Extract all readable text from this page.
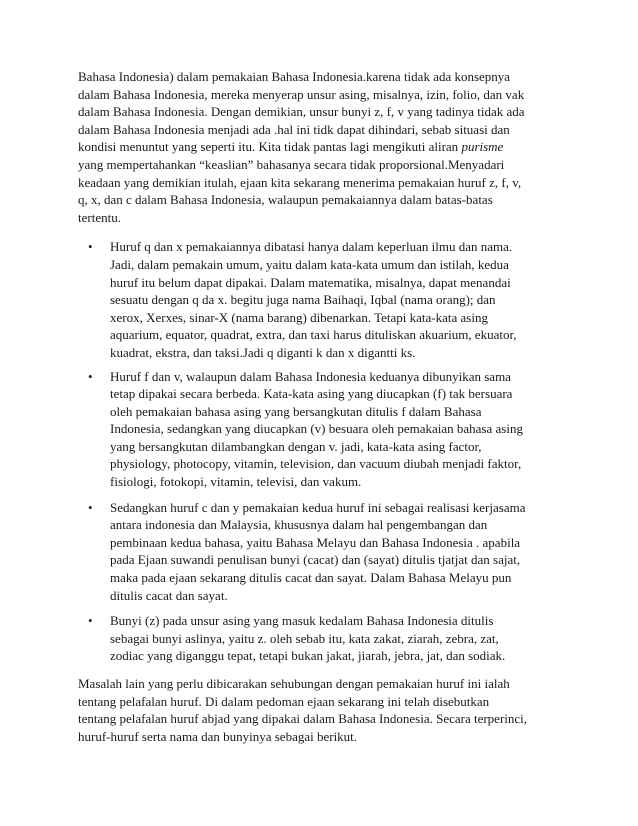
Bahasa Indonesia) dalam pemakaian Bahasa Indonesia.karena tidak ada konsepnya
dalam Bahasa Indonesia, mereka menyerap unsur asing, misalnya, izin, folio, dan vak
dalam Bahasa Indonesia. Dengan demikian, unsur bunyi z, f, v yang tadinya tidak ada
dalam Bahasa Indonesia menjadi ada .hal ini tidk dapat dihindari, sebab situasi dan
kondisi menuntut yang seperti itu. Kita tidak pantas lagi mengikuti aliran purisme
yang mempertahankan “keaslian” bahasanya secara tidak proporsional.Menyadari
keadaan yang demikian itulah, ejaan kita sekarang menerima pemakaian huruf z, f, v,
q, x, dan c dalam Bahasa Indonesia, walaupun pemakaiannya dalam batas-batas
tertentu.

• Huruf q dan x pemakaiannya dibatasi hanya dalam keperluan ilmu dan nama.
Jadi, dalam pemakain umum, yaitu dalam kata-kata umum dan istilah, kedua
huruf itu belum dapat dipakai. Dalam matematika, misalnya, dapat menandai
sesuatu dengan q da x. begitu juga nama Baihaqi, Iqbal (nama orang); dan
xerox, Xerxes, sinar-X (nama barang) dibenarkan. Tetapi kata-kata asing
aquarium, equator, quadrat, extra, dan taxi harus dituliskan akuarium, ekuator,
kuadrat, ekstra, dan taksi.Jadi q diganti k dan x digantti ks.
• Huruf f dan v, walaupun dalam Bahasa Indonesia keduanya dibunyikan sama
tetap dipakai secara berbeda. Kata-kata asing yang diucapkan (f) tak bersuara
oleh pemakaian bahasa asing yang bersangkutan ditulis f dalam Bahasa
Indonesia, sedangkan yang diucapkan (v) besuara oleh pemakaian bahasa asing
yang bersangkutan dilambangkan dengan v. jadi, kata-kata asing factor,
physiology, photocopy, vitamin, television, dan vacuum diubah menjadi faktor,
fisiologi, fotokopi, vitamin, televisi, dan vakum.
• Sedangkan huruf c dan y pemakaian kedua huruf ini sebagai realisasi kerjasama
antara indonesia dan Malaysia, khususnya dalam hal pengembangan dan
pembinaan kedua bahasa, yaitu Bahasa Melayu dan Bahasa Indonesia . apabila
pada Ejaan suwandi penulisan bunyi (cacat) dan (sayat) ditulis tjatjat dan sajat,
maka pada ejaan sekarang ditulis cacat dan sayat. Dalam Bahasa Melayu pun
ditulis cacat dan sayat.
• Bunyi (z) pada unsur asing yang masuk kedalam Bahasa Indonesia ditulis
sebagai bunyi aslinya, yaitu z. oleh sebab itu, kata zakat, ziarah, zebra, zat,
zodiac yang diganggu tepat, tetapi bukan jakat, jiarah, jebra, jat, dan sodiak.

Masalah lain yang perlu dibicarakan sehubungan dengan pemakaian huruf ini ialah
tentang pelafalan huruf. Di dalam pedoman ejaan sekarang ini telah disebutkan
tentang pelafalan huruf abjad yang dipakai dalam Bahasa Indonesia. Secara terperinci,
huruf-huruf serta nama dan bunyinya sebagai berikut.
